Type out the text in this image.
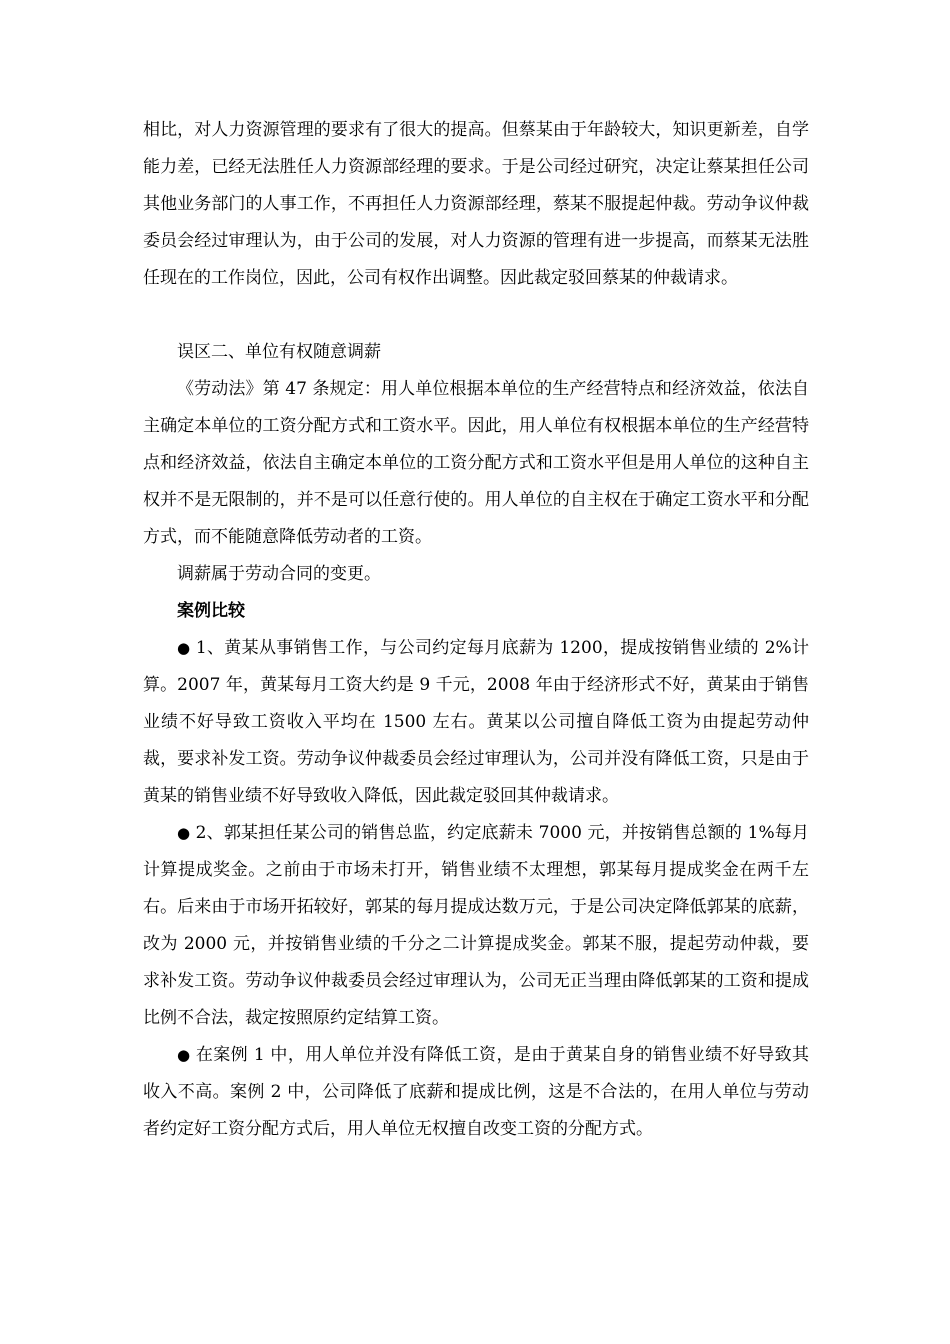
相比，对人力资源管理的要求有了很大的提高。但蔡某由于年龄较大，知识更新差，自学能力差，已经无法胜任人力资源部经理的要求。于是公司经过研究，决定让蔡某担任公司其他业务部门的人事工作，不再担任人力资源部经理，蔡某不服提起仲裁。劳动争议仲裁委员会经过审理认为，由于公司的发展，对人力资源的管理有进一步提高，而蔡某无法胜任现在的工作岗位，因此，公司有权作出调整。因此裁定驳回蔡某的仲裁请求。

误区二、单位有权随意调薪

《劳动法》第 47 条规定：用人单位根据本单位的生产经营特点和经济效益，依法自主确定本单位的工资分配方式和工资水平。因此，用人单位有权根据本单位的生产经营特点和经济效益，依法自主确定本单位的工资分配方式和工资水平但是用人单位的这种自主权并不是无限制的，并不是可以任意行使的。用人单位的自主权在于确定工资水平和分配方式，而不能随意降低劳动者的工资。

调薪属于劳动合同的变更。

案例比较

● 1、黄某从事销售工作，与公司约定每月底薪为 1200，提成按销售业绩的 2%计算。2007 年，黄某每月工资大约是 9 千元，2008 年由于经济形式不好，黄某由于销售业绩不好导致工资收入平均在 1500 左右。黄某以公司擅自降低工资为由提起劳动仲裁，要求补发工资。劳动争议仲裁委员会经过审理认为，公司并没有降低工资，只是由于黄某的销售业绩不好导致收入降低，因此裁定驳回其仲裁请求。

● 2、郭某担任某公司的销售总监，约定底薪未 7000 元，并按销售总额的 1%每月计算提成奖金。之前由于市场未打开，销售业绩不太理想，郭某每月提成奖金在两千左右。后来由于市场开拓较好，郭某的每月提成达数万元，于是公司决定降低郭某的底薪，改为 2000 元，并按销售业绩的千分之二计算提成奖金。郭某不服，提起劳动仲裁，要求补发工资。劳动争议仲裁委员会经过审理认为，公司无正当理由降低郭某的工资和提成比例不合法，裁定按照原约定结算工资。

● 在案例 1 中，用人单位并没有降低工资，是由于黄某自身的销售业绩不好导致其收入不高。案例 2 中，公司降低了底薪和提成比例，这是不合法的，在用人单位与劳动者约定好工资分配方式后，用人单位无权擅自改变工资的分配方式。
